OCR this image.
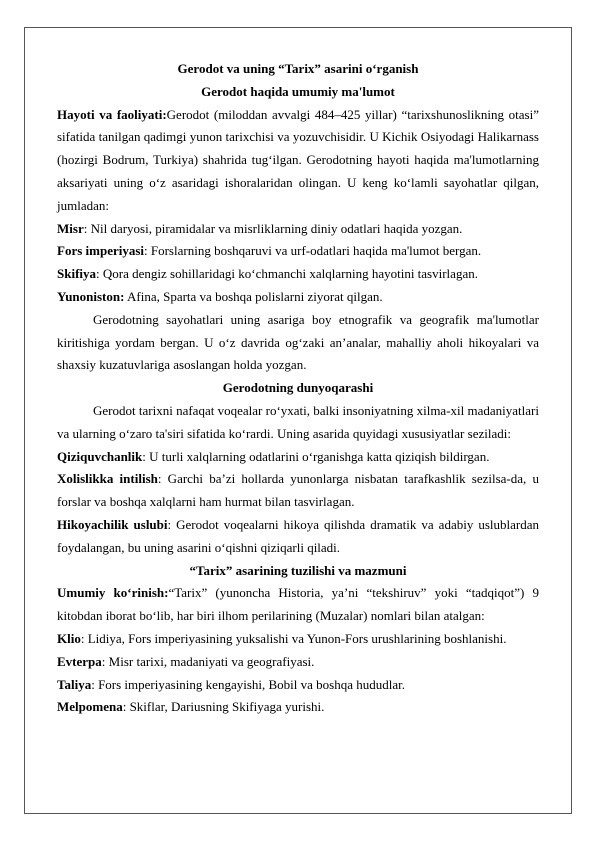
Gerodot va uning “Tarix” asarini o‘rganish

Gerodot haqida umumiy ma'lumot

Hayoti va faoliyati:Gerodot (miloddan avvalgi 484–425 yillar) “tarixshunoslikning otasi” sifatida tanilgan qadimgi yunon tarixchisi va yozuvchisidir. U Kichik Osiyodagi Halikarnass (hozirgi Bodrum, Turkiya) shahrida tug‘ilgan. Gerodotning hayoti haqida ma'lumotlarning aksariyati uning o‘z asaridagi ishoralaridan olingan. U keng ko‘lamli sayohatlar qilgan, jumladan:

Misr: Nil daryosi, piramidalar va misrliklarning diniy odatlari haqida yozgan.

Fors imperiyasi: Forslarning boshqaruvi va urf-odatlari haqida ma'lumot bergan.

Skifiya: Qora dengiz sohillaridagi ko‘chmanchi xalqlarning hayotini tasvirlagan.

Yunoniston: Afina, Sparta va boshqa polislarni ziyorat qilgan.

Gerodotning sayohatlari uning asariga boy etnografik va geografik ma'lumotlar kiritishiga yordam bergan. U o‘z davrida og‘zaki an’analar, mahalliy aholi hikoyalari va shaxsiy kuzatuvlariga asoslangan holda yozgan.

Gerodotning dunyoqarashi

Gerodot tarixni nafaqat voqealar ro‘yxati, balki insoniyatning xilma-xil madaniyatlari va ularning o‘zaro ta'siri sifatida ko‘rardi. Uning asarida quyidagi xususiyatlar seziladi:

Qiziquvchanlik: U turli xalqlarning odatlarini o‘rganishga katta qiziqish bildirgan.

Xolislikka intilish: Garchi ba’zi hollarda yunonlarga nisbatan tarafkashlik sezilsa-da, u forslar va boshqa xalqlarni ham hurmat bilan tasvirlagan.

Hikoyachilik uslubi: Gerodot voqealarni hikoya qilishda dramatik va adabiy uslublardan foydalangan, bu uning asarini o‘qishni qiziqarli qiladi.

“Tarix” asarining tuzilishi va mazmuni

Umumiy ko‘rinish:“Tarix” (yunoncha Historia, ya’ni “tekshiruv” yoki “tadqiqot”) 9 kitobdan iborat bo‘lib, har biri ilhom perilarining (Muzalar) nomlari bilan atalgan:

Klio: Lidiya, Fors imperiyasining yuksalishi va Yunon-Fors urushlarining boshlanishi.

Evterpa: Misr tarixi, madaniyati va geografiyasi.

Taliya: Fors imperiyasining kengayishi, Bobil va boshqa hududlar.

Melpomena: Skiflar, Dariusning Skifiyaga yurishi.
